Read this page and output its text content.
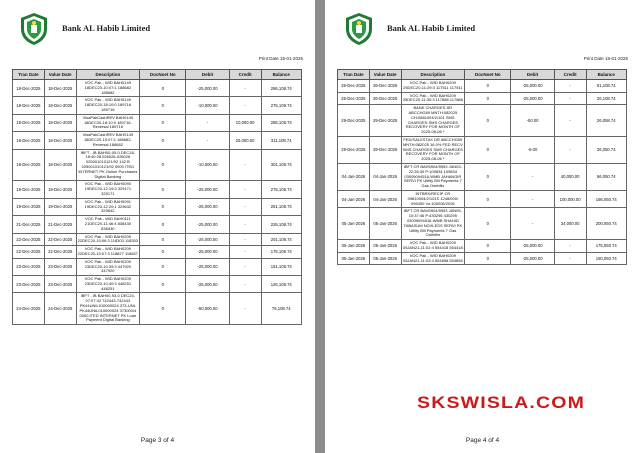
Bank AL Habib Limited
Print Date 15-01-2026
Tran Date	Value Date	Description	DocNoet No	Debit	Credit	Balance
18-Dec-2025	18-Dec-2025	VOC Pak - WID BAH0149 18DEC20-10:07:1 188682 188682	0	-25,000.00	-	286,108.74
18-Dec-2025	18-Dec-2025	VOC Pak - WID BAH0149 18DEC20-18:10:0 189716 189716	0	-10,000.00	-	276,108.74
18-Dec-2025	18-Dec-2025	VisaPakCashREV BAH0149 18DEC20-18:10:0 189716-Reversal 189716	0	-	10,000.00	286,108.74
18-Dec-2025	18-Dec-2025	VisaPakCashREV BAH0149 18DEC20-10:07:1 188682-Reversal 188682	0	-	25,000.00	311,108.74
18-Dec-2025	18-Dec-2025	IBFT - IB BAH00-00-0 DEC18-18:40:28 026026-026026 025001010121/92 142 B 025001010121/92 0000 ITED INTERNET PK Online Purchases Digital Banking	0	-10,000.00	-	301,108.74
19-Dec-2025	19-Dec-2025	VOC Pak - WID BAH0090 19DEC20-12:19:3 329171 329171	0	-25,000.00	-	276,108.74
19-Dec-2025	19-Dec-2025	VOC Pak - WID BAH0091 19DEC20-12:20:1 329642 329642	0	-25,000.00	-	251,108.74
21-Dec-2025	21-Dec-2025	VOC Pak - WID BAH0111 21DEC20-11:46:4 838430 838430	0	-25,000.00	-	226,108.74
22-Dec-2025	22-Dec-2025	VOC Pak - WID BAH0209 22DEC20-10:06:3 118303 118303	0	-25,000.00	-	201,108.74
22-Dec-2025	22-Dec-2025	VOC Pak - WID BAH0209 22DEC20-10:07:3 118827 118827	0	-25,000.00	-	176,108.74
23-Dec-2025	23-Dec-2025	VOC Pak - WID BAH0209 23DEC20-10:39:3 447920 447920	0	-25,000.00	-	151,108.74
23-Dec-2025	23-Dec-2025	VOC Pak - WID BAH0209 23DEC20-10:40:3 448251 448251	0	-25,000.00	-	126,108.74
24-Dec-2025	24-Dec-2025	IBFT - IB BAH00-93-0 DEC24-07:07:42 742443-742443 PK44UNIL010000024 373-UNL PK44UNIL010000024 373000/4 0000 ITED INTERNET PK Loan Payment Digital Banking	0	-50,000.00	-	76,108.74
Page 3 of 4
Bank AL Habib Limited
Print Date 15-01-2026
Tran Date	Value Date	Description	DocNoet No	Debit	Credit	Balance
26-Dec-2025	26-Dec-2025	VOC Pak - WID BAH0209 25DEC20-11:29:3 117511 117511	0	-25,000.00	-	51,108.74
26-Dec-2025	26-Dec-2025	VOC Pak - WID BAH0209 25DEC20-11:30:3 117888 117888	0	-25,000.00	-	26,108.74
29-Dec-2025	29-Dec-2025	BANK CHARGES-SR ABCCHG69 MNTH:082025 CH:0881004/2/101 SMS CHARGES SMS CHARGES RECOVERY FOR MONTH OF 2025-08-06 *	0	-50.00	-	26,058.74
29-Dec-2025	29-Dec-2025	FED/SALESTAX DR ABCCHG69 MNTH:082025 16.0% FED RECV SMS CHARGES SMS CHARGES RECOVERY FOR MONTH OF 2025-08-06 *	0	-8.00	-	26,050.74
04-Jan-2026	04-Jan-2026	IBFT CR BAH0904/5953 JAN03-22:35:30 P:109834 109834 03009094516-WMB JAHANGIR SERVI PK Utility Bill Payments 7 Gas Onebills	0	-	40,000.00	66,050.74
04-Jan-2026	04-Jan-2026	INTBRK/RECIP CR 09810004/2/101S 1248/000/ 096450 Vo:100006/2026	0	-	100,000.00	166,050.74
05-Jan-2026	05-Jan-2026	IBFT CR BAH0904/5953 JAN05-10:37:46 P:430295 430295 03009094516-WMB SHAHID TABASUM NCHLESS SERVI PK Utility Bill Payments 7 Gas Onebills	0	-	34,000.00	200,050.74
05-Jan-2026	05-Jan-2026	VOC Pak - WID BAH0209 05JAN21-11:02:4 554418 554418	0	-25,000.00	-	175,050.74
05-Jan-2026	05-Jan-2026	VOC Pak - WID BAH0209 05JAN21-11:03:4 554858 554858	0	-25,000.00	-	150,050.74
Page 4 of 4
SKSWISLA.COM
